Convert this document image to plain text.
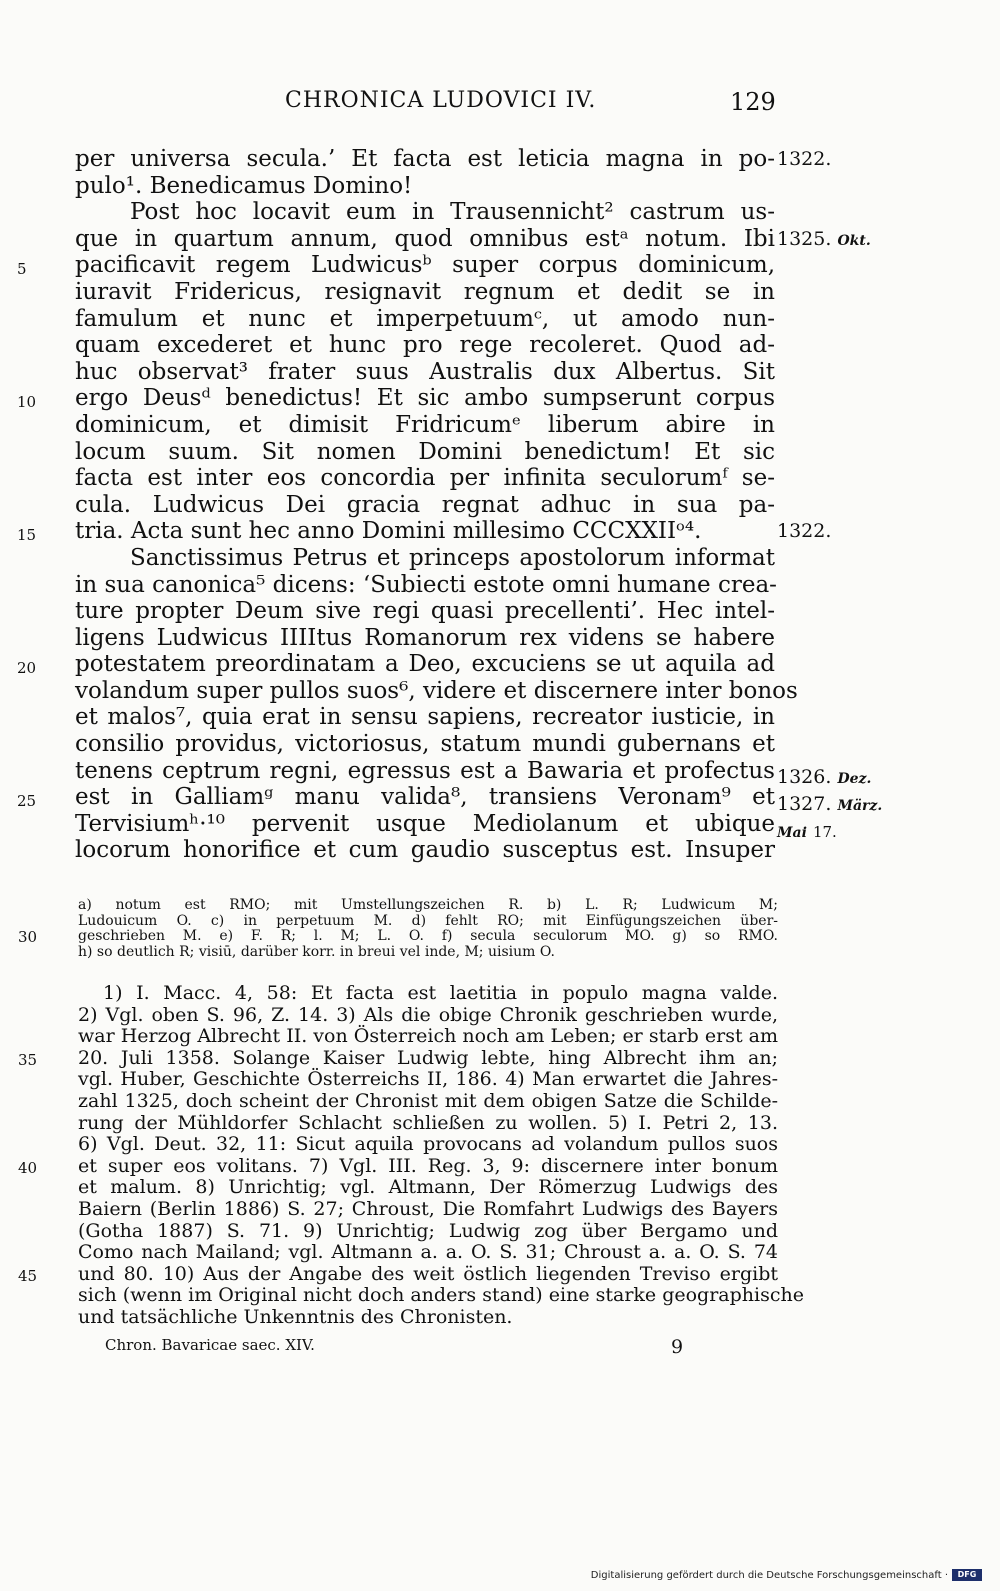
CHRONICA LUDOVICI IV.	129
per universa secula.’ Et facta est leticia magna in po-
pulo¹. Benedicamus Domino!
Post hoc locavit eum in Trausennicht² castrum us-
que in quartum annum, quod omnibus estᵃ notum. Ibi
pacificavit regem Ludwicusᵇ super corpus dominicum,
iuravit Fridericus, resignavit regnum et dedit se in
famulum et nunc et imperpetuumᶜ, ut amodo nun-
quam excederet et hunc pro rege recoleret. Quod ad-
huc observat³ frater suus Australis dux Albertus. Sit
ergo Deusᵈ benedictus! Et sic ambo sumpserunt corpus
dominicum, et dimisit Fridricumᵉ liberum abire in
locum suum. Sit nomen Domini benedictum! Et sic
facta est inter eos concordia per infinita seculorumᶠ se-
cula. Ludwicus Dei gracia regnat adhuc in sua pa-
tria. Acta sunt hec anno Domini millesimo CCCXXIIᵒ⁴.
Sanctissimus Petrus et princeps apostolorum informat
in sua canonica⁵ dicens: ‘Subiecti estote omni humane crea-
ture propter Deum sive regi quasi precellenti’. Hec intel-
ligens Ludwicus IIIItus Romanorum rex videns se habere
potestatem preordinatam a Deo, excuciens se ut aquila ad
volandum super pullos suos⁶, videre et discernere inter bonos
et malos⁷, quia erat in sensu sapiens, recreator iusticie, in
consilio providus, victoriosus, statum mundi gubernans et
tenens ceptrum regni, egressus est a Bawaria et profectus
est in Galliamᵍ manu valida⁸, transiens Veronam⁹ et
Tervisiumʰ·¹⁰ pervenit usque Mediolanum et ubique
locorum honorifice et cum gaudio susceptus est. Insuper
5
10
15
20
25
1322.
1325. Okt.
1322.
1326. Dez.
1327. März.
Mai 17.
a) notum est RMO; mit Umstellungszeichen R. b) L. R; Ludwicum M;
Ludouicum O. c) in perpetuum M. d) fehlt RO; mit Einfügungszeichen über-
geschrieben M. e) F. R; l. M; L. O. f) secula seculorum MO. g) so RMO.
h) so deutlich R; visiū, darüber korr. in breui vel inde, M; uisium O.
30
1) I. Macc. 4, 58: Et facta est laetitia in populo magna valde.
2) Vgl. oben S. 96, Z. 14. 3) Als die obige Chronik geschrieben wurde,
war Herzog Albrecht II. von Österreich noch am Leben; er starb erst am
20. Juli 1358. Solange Kaiser Ludwig lebte, hing Albrecht ihm an;
vgl. Huber, Geschichte Österreichs II, 186. 4) Man erwartet die Jahres-
zahl 1325, doch scheint der Chronist mit dem obigen Satze die Schilde-
rung der Mühldorfer Schlacht schließen zu wollen. 5) I. Petri 2, 13.
6) Vgl. Deut. 32, 11: Sicut aquila provocans ad volandum pullos suos
et super eos volitans. 7) Vgl. III. Reg. 3, 9: discernere inter bonum
et malum. 8) Unrichtig; vgl. Altmann, Der Römerzug Ludwigs des
Baiern (Berlin 1886) S. 27; Chroust, Die Romfahrt Ludwigs des Bayers
(Gotha 1887) S. 71. 9) Unrichtig; Ludwig zog über Bergamo und
Como nach Mailand; vgl. Altmann a. a. O. S. 31; Chroust a. a. O. S. 74
und 80. 10) Aus der Angabe des weit östlich liegenden Treviso ergibt
sich (wenn im Original nicht doch anders stand) eine starke geographische
und tatsächliche Unkenntnis des Chronisten.
35
40
45
Chron. Bavaricae saec. XIV.	9
Digitalisierung gefördert durch die Deutsche Forschungsgemeinschaft ·	DFG
